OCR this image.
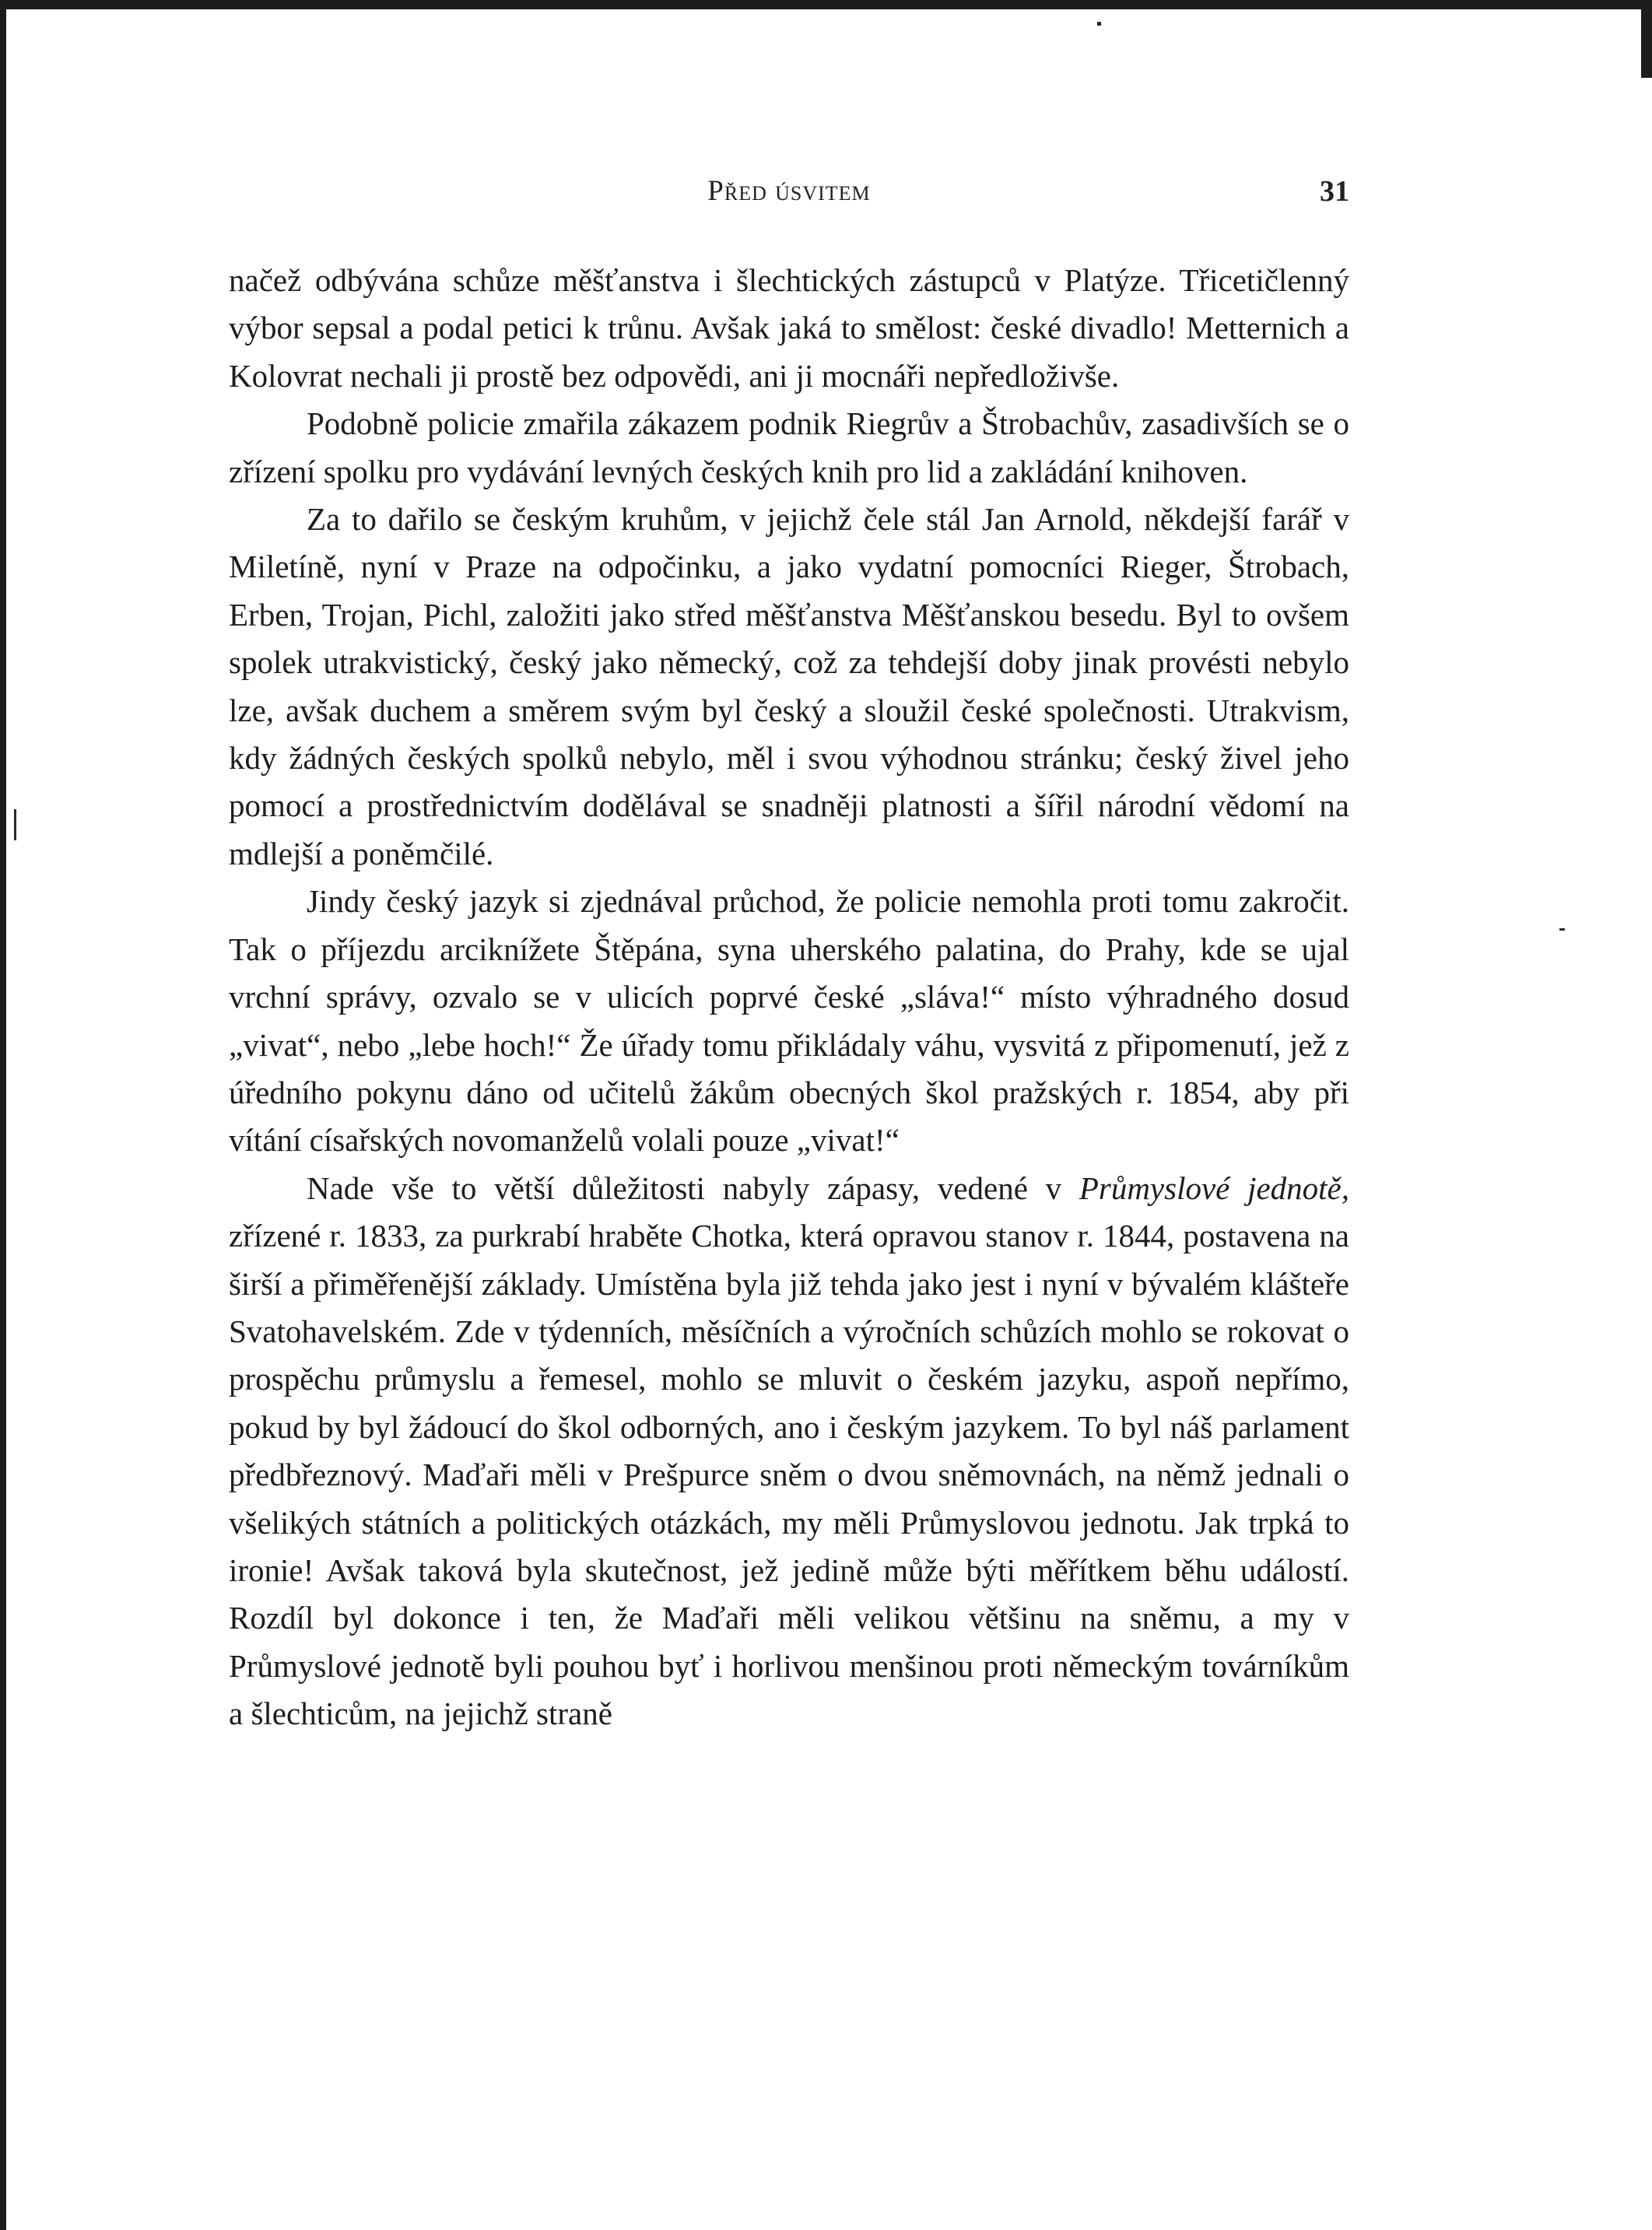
Před úsvitem	31

načež odbývána schůze měšťanstva i šlechtických zástupců v Platýze. Třicetičlenný výbor sepsal a podal petici k trůnu. Avšak jaká to smělost: české divadlo! Metternich a Kolovrat nechali ji prostě bez odpovědi, ani ji mocnáři nepředloživše.

Podobně policie zmařila zákazem podnik Riegrův a Štrobachův, zasadivších se o zřízení spolku pro vydávání levných českých knih pro lid a zakládání knihoven.

Za to dařilo se českým kruhům, v jejichž čele stál Jan Arnold, někdejší farář v Miletíně, nyní v Praze na odpočinku, a jako vydatní pomocníci Rieger, Štrobach, Erben, Trojan, Pichl, založiti jako střed měšťanstva Měšťanskou besedu. Byl to ovšem spolek utrakvistický, český jako německý, což za tehdejší doby jinak provésti nebylo lze, avšak duchem a směrem svým byl český a sloužil české společnosti. Utrakvism, kdy žádných českých spolků nebylo, měl i svou výhodnou stránku; český živel jeho pomocí a prostřednictvím dodělával se snadněji platnosti a šířil národní vědomí na mdlejší a poněmčilé.

Jindy český jazyk si zjednával průchod, že policie nemohla proti tomu zakročit. Tak o příjezdu arciknížete Štěpána, syna uherského palatina, do Prahy, kde se ujal vrchní správy, ozvalo se v ulicích poprvé české „sláva!“ místo výhradného dosud „vivat“, nebo „lebe hoch!“ Že úřady tomu přikládaly váhu, vysvitá z připomenutí, jež z úředního pokynu dáno od učitelů žákům obecných škol pražských r. 1854, aby při vítání císařských novomanželů volali pouze „vivat!“

Nade vše to větší důležitosti nabyly zápasy, vedené v Průmyslové jednotě, zřízené r. 1833, za purkrabí hraběte Chotka, která opravou stanov r. 1844, postavena na širší a přiměřenější základy. Umístěna byla již tehda jako jest i nyní v bývalém klášteře Svatohavelském. Zde v týdenních, měsíčních a výročních schůzích mohlo se rokovat o prospěchu průmyslu a řemesel, mohlo se mluvit o českém jazyku, aspoň nepřímo, pokud by byl žádoucí do škol odborných, ano i českým jazykem. To byl náš parlament předbřeznový. Maďaři měli v Prešpurce sněm o dvou sněmovnách, na němž jednali o všelikých státních a politických otázkách, my měli Průmyslovou jednotu. Jak trpká to ironie! Avšak taková byla skutečnost, jež jedině může býti měřítkem běhu událostí. Rozdíl byl dokonce i ten, že Maďaři měli velikou většinu na sněmu, a my v Průmyslové jednotě byli pouhou byť i horlivou menšinou proti německým továrníkům a šlechticům, na jejichž straně
